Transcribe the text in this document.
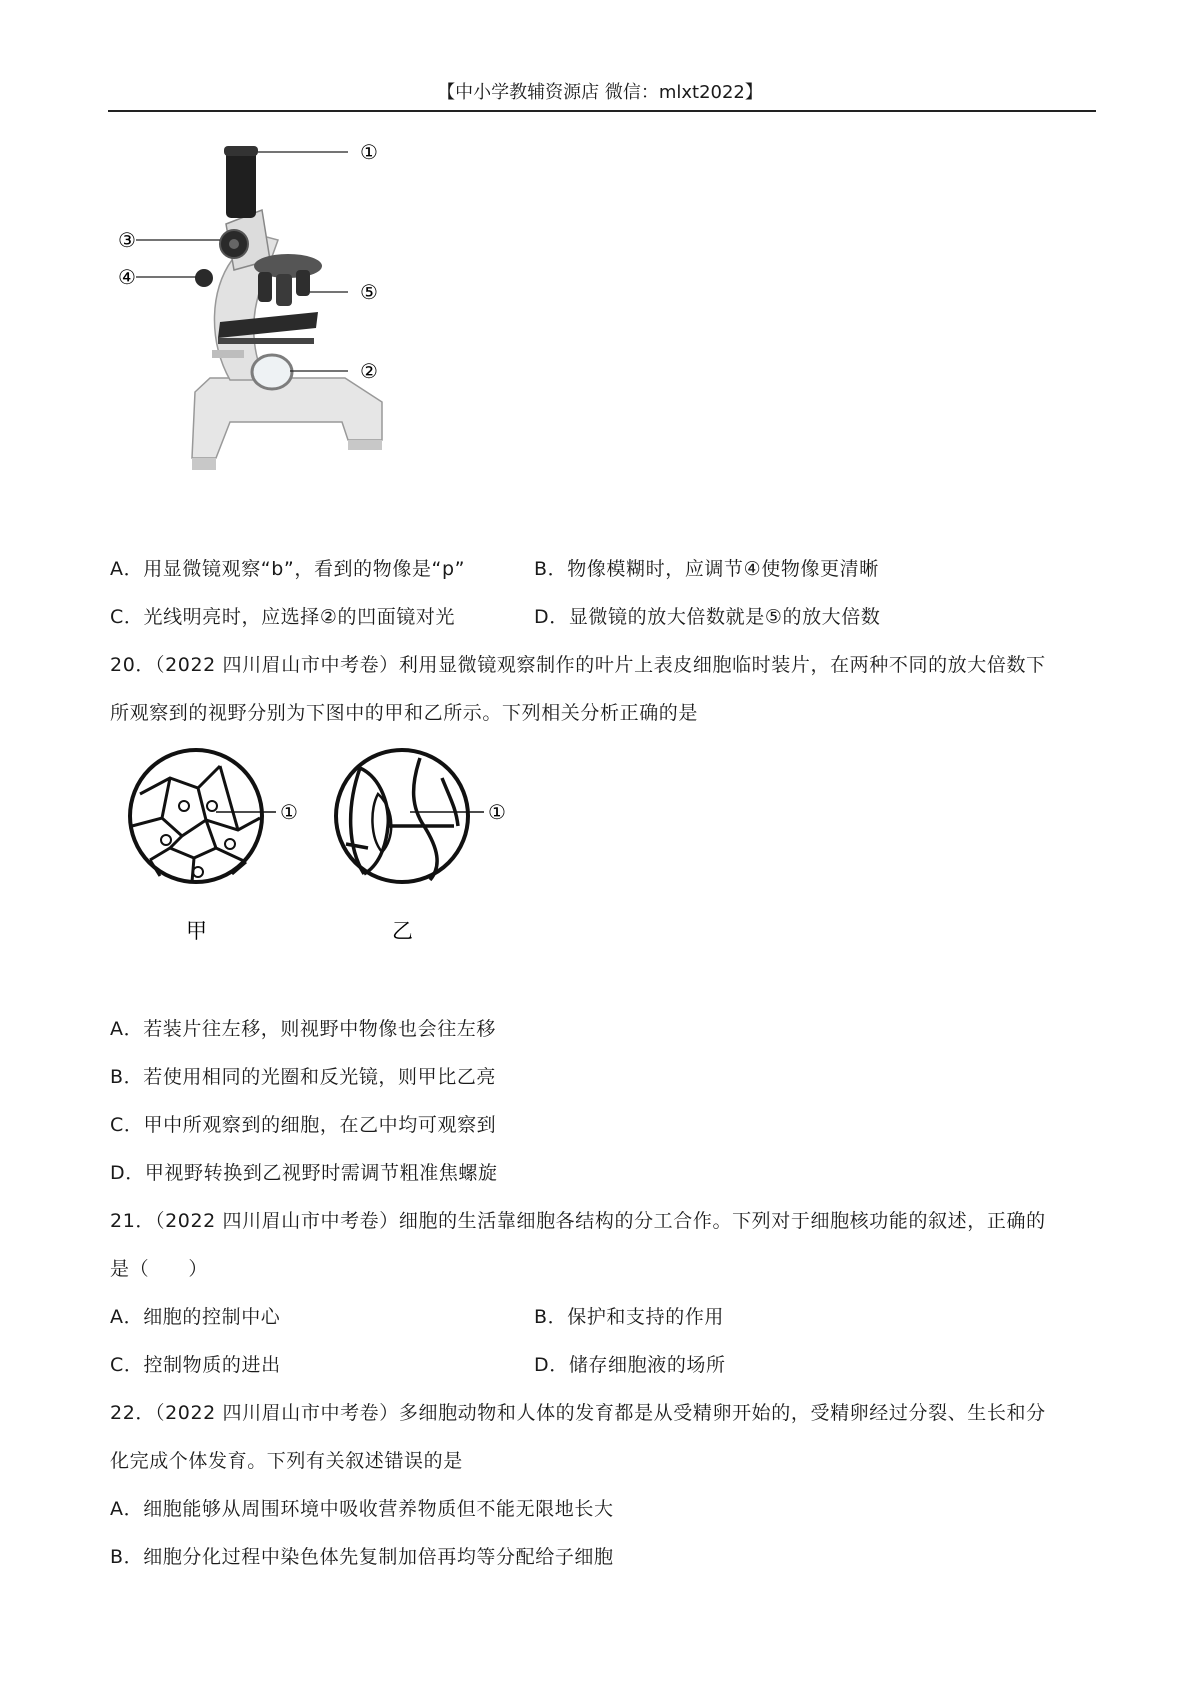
【中小学教辅资源店 微信：mlxt2022】
①
③
④
⑤
②
A．用显微镜观察“b”，看到的物像是“p”	B．物像模糊时，应调节④使物像更清晰
C．光线明亮时，应选择②的凹面镜对光	D．显微镜的放大倍数就是⑤的放大倍数
20．（2022 四川眉山市中考卷）利用显微镜观察制作的叶片上表皮细胞临时装片，在两种不同的放大倍数下
所观察到的视野分别为下图中的甲和乙所示。下列相关分析正确的是
①	①
甲	乙
A．若装片往左移，则视野中物像也会往左移
B．若使用相同的光圈和反光镜，则甲比乙亮
C．甲中所观察到的细胞，在乙中均可观察到
D．甲视野转换到乙视野时需调节粗准焦螺旋
21．（2022 四川眉山市中考卷）细胞的生活靠细胞各结构的分工合作。下列对于细胞核功能的叙述，正确的
是（　　）
A．细胞的控制中心	B．保护和支持的作用
C．控制物质的进出	D．储存细胞液的场所
22．（2022 四川眉山市中考卷）多细胞动物和人体的发育都是从受精卵开始的，受精卵经过分裂、生长和分
化完成个体发育。下列有关叙述错误的是
A．细胞能够从周围环境中吸收营养物质但不能无限地长大
B．细胞分化过程中染色体先复制加倍再均等分配给子细胞
